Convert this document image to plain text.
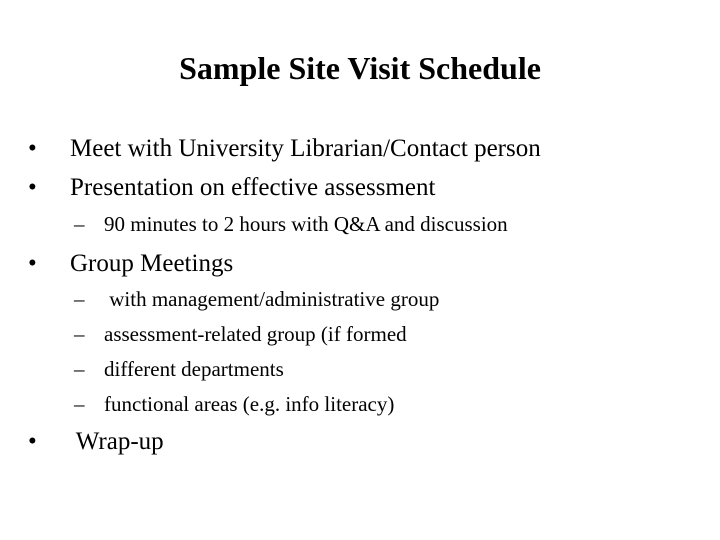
Sample Site Visit Schedule
• Meet with University Librarian/Contact person
• Presentation on effective assessment
– 90 minutes to 2 hours with Q&A and discussion
• Group Meetings
– with management/administrative group
– assessment-related group (if formed
– different departments
– functional areas (e.g. info literacy)
• Wrap-up
